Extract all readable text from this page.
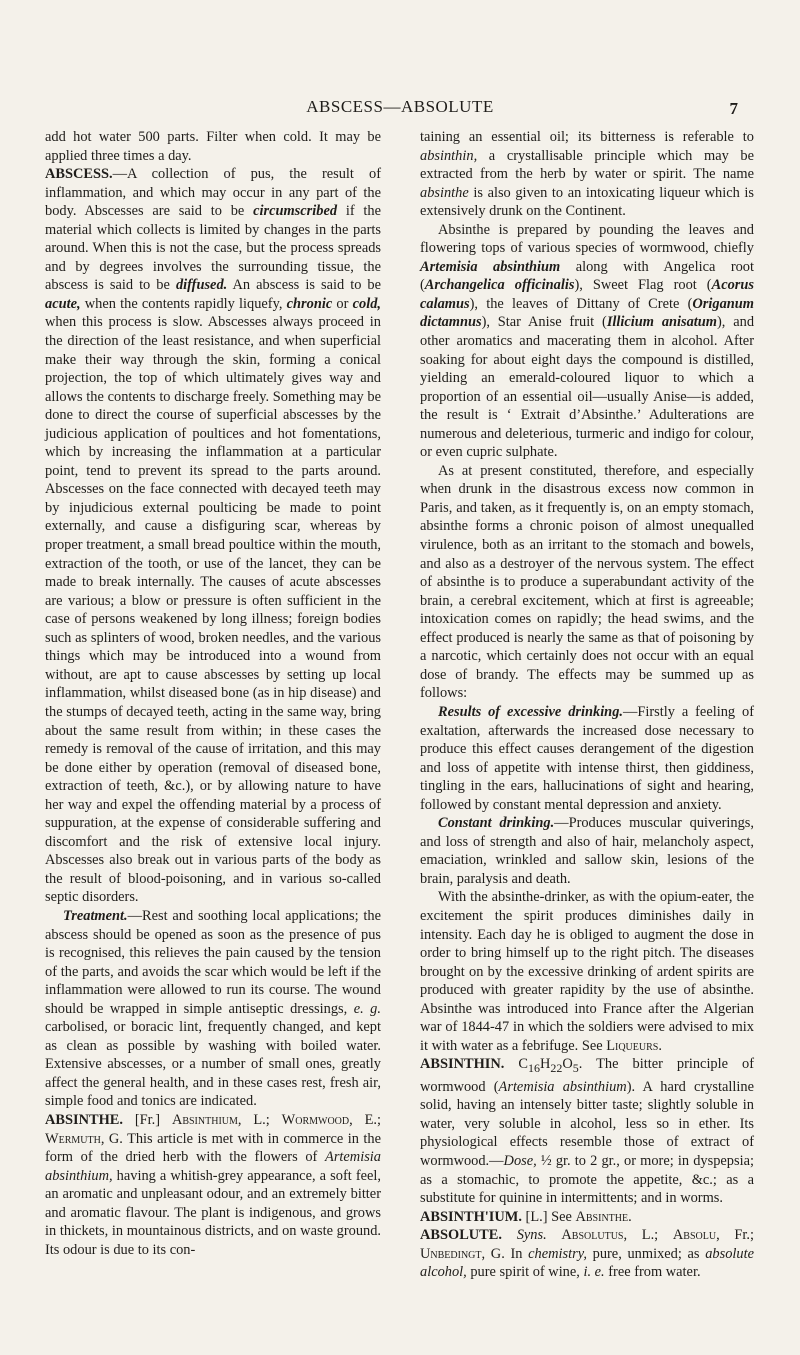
ABSCESS—ABSOLUTE	7

add hot water 500 parts. Filter when cold. It may be applied three times a day.

ABSCESS.—A collection of pus, the result of inflammation, and which may occur in any part of the body. Abscesses are said to be circumscribed if the material which collects is limited by changes in the parts around. When this is not the case, but the process spreads and by degrees involves the surrounding tissue, the abscess is said to be diffused. An abscess is said to be acute, when the contents rapidly liquefy, chronic or cold, when this process is slow. Abscesses always proceed in the direction of the least resistance, and when superficial make their way through the skin, forming a conical projection, the top of which ultimately gives way and allows the contents to discharge freely. Something may be done to direct the course of superficial abscesses by the judicious application of poultices and hot fomentations, which by increasing the inflammation at a particular point, tend to prevent its spread to the parts around. Abscesses on the face connected with decayed teeth may by injudicious external poulticing be made to point externally, and cause a disfiguring scar, whereas by proper treatment, a small bread poultice within the mouth, extraction of the tooth, or use of the lancet, they can be made to break internally. The causes of acute abscesses are various; a blow or pressure is often sufficient in the case of persons weakened by long illness; foreign bodies such as splinters of wood, broken needles, and the various things which may be introduced into a wound from without, are apt to cause abscesses by setting up local inflammation, whilst diseased bone (as in hip disease) and the stumps of decayed teeth, acting in the same way, bring about the same result from within; in these cases the remedy is removal of the cause of irritation, and this may be done either by operation (removal of diseased bone, extraction of teeth, &c.), or by allowing nature to have her way and expel the offending material by a process of suppuration, at the expense of considerable suffering and discomfort and the risk of extensive local injury. Abscesses also break out in various parts of the body as the result of blood-poisoning, and in various so-called septic disorders.

Treatment.—Rest and soothing local applications; the abscess should be opened as soon as the presence of pus is recognised, this relieves the pain caused by the tension of the parts, and avoids the scar which would be left if the inflammation were allowed to run its course. The wound should be wrapped in simple antiseptic dressings, e. g. carbolised, or boracic lint, frequently changed, and kept as clean as possible by washing with boiled water. Extensive abscesses, or a number of small ones, greatly affect the general health, and in these cases rest, fresh air, simple food and tonics are indicated.

ABSINTHE. [Fr.] Absinthium, L.; Wormwood, E.; Wermuth, G. This article is met with in commerce in the form of the dried herb with the flowers of Artemisia absinthium, having a whitish-grey appearance, a soft feel, an aromatic and unpleasant odour, and an extremely bitter and aromatic flavour. The plant is indigenous, and grows in thickets, in mountainous districts, and on waste ground. Its odour is due to its con-

taining an essential oil; its bitterness is referable to absinthin, a crystallisable principle which may be extracted from the herb by water or spirit. The name absinthe is also given to an intoxicating liqueur which is extensively drunk on the Continent.

Absinthe is prepared by pounding the leaves and flowering tops of various species of wormwood, chiefly Artemisia absinthium along with Angelica root (Archangelica officinalis), Sweet Flag root (Acorus calamus), the leaves of Dittany of Crete (Origanum dictamnus), Star Anise fruit (Illicium anisatum), and other aromatics and macerating them in alcohol. After soaking for about eight days the compound is distilled, yielding an emerald-coloured liquor to which a proportion of an essential oil—usually Anise—is added, the result is ‘ Extrait d’Absinthe.’ Adulterations are numerous and deleterious, turmeric and indigo for colour, or even cupric sulphate.

As at present constituted, therefore, and especially when drunk in the disastrous excess now common in Paris, and taken, as it frequently is, on an empty stomach, absinthe forms a chronic poison of almost unequalled virulence, both as an irritant to the stomach and bowels, and also as a destroyer of the nervous system. The effect of absinthe is to produce a superabundant activity of the brain, a cerebral excitement, which at first is agreeable; intoxication comes on rapidly; the head swims, and the effect produced is nearly the same as that of poisoning by a narcotic, which certainly does not occur with an equal dose of brandy. The effects may be summed up as follows:

Results of excessive drinking.—Firstly a feeling of exaltation, afterwards the increased dose necessary to produce this effect causes derangement of the digestion and loss of appetite with intense thirst, then giddiness, tingling in the ears, hallucinations of sight and hearing, followed by constant mental depression and anxiety.

Constant drinking.—Produces muscular quiverings, and loss of strength and also of hair, melancholy aspect, emaciation, wrinkled and sallow skin, lesions of the brain, paralysis and death.

With the absinthe-drinker, as with the opium-eater, the excitement the spirit produces diminishes daily in intensity. Each day he is obliged to augment the dose in order to bring himself up to the right pitch. The diseases brought on by the excessive drinking of ardent spirits are produced with greater rapidity by the use of absinthe. Absinthe was introduced into France after the Algerian war of 1844-47 in which the soldiers were advised to mix it with water as a febrifuge. See Liqueurs.

ABSINTHIN. $C_{16}H_{22}O_5$. The bitter principle of wormwood (Artemisia absinthium). A hard crystalline solid, having an intensely bitter taste; slightly soluble in water, very soluble in alcohol, less so in ether. Its physiological effects resemble those of extract of wormwood.—Dose, ½ gr. to 2 gr., or more; in dyspepsia; as a stomachic, to promote the appetite, &c.; as a substitute for quinine in intermittents; and in worms.

ABSINTH'IUM. [L.] See Absinthe.

ABSOLUTE. Syns. Absolutus, L.; Absolu, Fr.; Unbedingt, G. In chemistry, pure, unmixed; as absolute alcohol, pure spirit of wine, i. e. free from water.
